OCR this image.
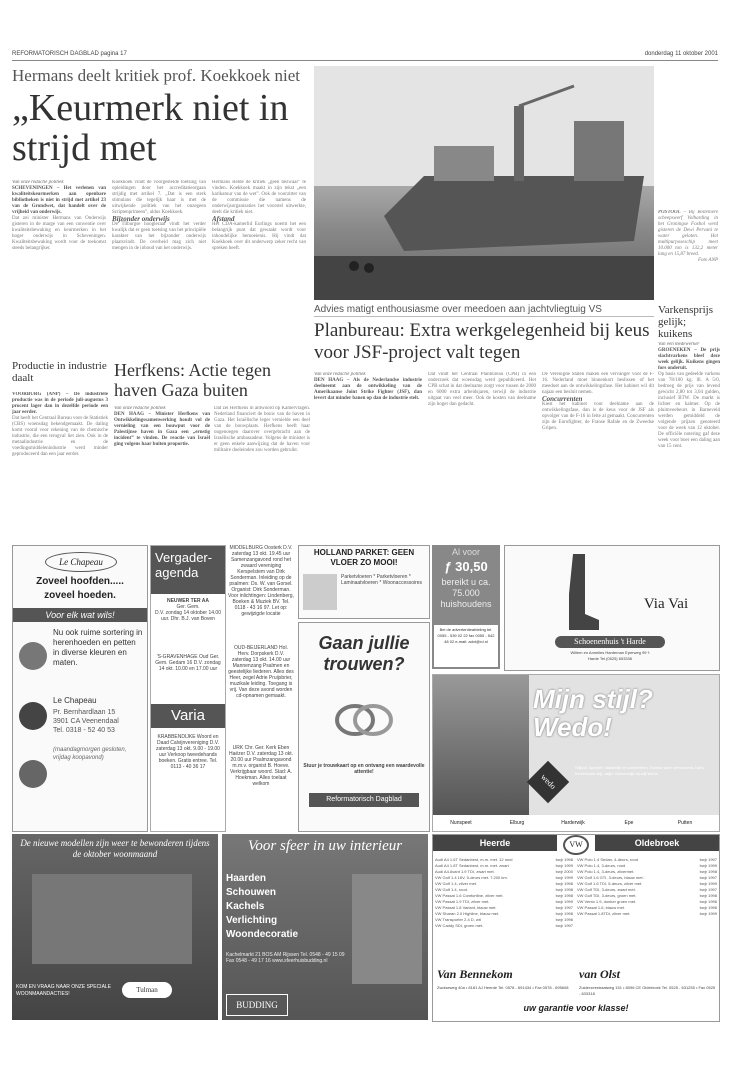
REFORMATORISCH DAGBLAD pagina 17	donderdag 11 oktober 2001
Hermans deelt kritiek prof. Koekkoek niet
„Keurmerk niet in
strijd met
Van onze redactie politiek
SCHEVENINGEN – Het verlenen van kwaliteitskeurmerken aan openbare bibliotheken is niet in strijd met artikel 23 van de Grondwet, dat handelt over de vrijheid van onderwijs.
Dat zei minister Hermans van Onderwijs gisteren in de marge van een conventie over kwaliteitsbewaking en keurmerken in het hoger onderwijs in Scheveningen. Kwaliteitsbewaking wordt voor de toekomst steeds belangrijker.
Koekkoek vindt de voorgestelde toetsing van opleidingen door het accreditatieorgaan strijdig met artikel 7. „Dat is een sterk stimulans die tegelijk haar is met de uitwijkende politiek van het onzegeen Scriptenprimeen”, aldus Koekkoek.
Bijzonder onderwijs
De Tilburgse hoogleraar vindt het verder kwalijk dat er geen toetsing van het principiële karakter van het bijzonder onderwijs plaatsvindt. De overheid mag zich niet mengen in de inhoud van het onderwijs.
Hermans stelde de kritiek „geen bezwaar” te vinden. Koekkoek maakt in zijn tekst „een karikatuur van de wet”. Ook de voorzitter van de commissie die namens de onderwijsorganisaties het voorstel uitwerkte, deelt die kritiek niet.
Afstand
Het CDA-kamerlid Eurlings noemt het een belangrijk punt dat gewaakt wordt voor inhoudelijke bemoeienis. Hij vindt dat Koekkoek over dit onderwerp zeker recht van spreken heeft.
POSTOOL – Bij Boiteniere scheepswerf Volharding in het Groningse Foxhol werd gisteren de Dewi Pervani te water gelaten. Het multipurposeschip meet 10.000 ton is 132,2 meter lang en 15,87 breed.
Foto ANP
Productie in industrie daalt
VOORBURG (ANP) – De industriële productie was in de periode juli-augustus 3 procent lager dan in dezelfde periode een jaar eerder.
Dat heeft het Centraal Bureau voor de Statistiek (CBS) woensdag bekendgemaakt. De daling komt vooral voor rekening van de chemische industrie, die een terugval liet zien. Ook in de metaalindustrie en de voedingsmiddelenindustrie werd minder geproduceerd dan een jaar eerder.
Herfkens: Actie tegen haven Gaza buiten
Van onze redactie politiek
DEN HAAG – Minister Herfkens van Ontwikkelingssamenwerking houdt vol de vernieling van een bouwput voor de Palestijnse haven in Gaza een „ernstig incident” te vinden. De reactie van Israël ging volgens haar buiten proportie.
Dat zei Herfkens in antwoord op Kamervragen. Nederland financiert de bouw van de haven in Gaza. Het Israëlische leger vernielde een deel van de bouwplaats. Herfkens heeft haar ongenoegen daarover overgebracht aan de Israëlische ambassadeur. Volgens de minister is er geen enkele aanwijzing dat de haven voor militaire doeleinden zou worden gebruikt.
Advies matigt enthousiasme over meedoen aan jachtvliegtuig VS
Planbureau: Extra werkgelegenheid bij keus voor JSF-project valt tegen
Van onze redactie politiek
DEN HAAG – Als de Nederlandse industrie deelneemt aan de ontwikkeling van de Amerikaanse Joint Strike Fighter (JSF), dan levert dat minder banen op dan de industrie stelt.
Dat vindt het Centraal Planbureau (CPB) in een onderzoek dat woensdag werd gepubliceerd. Het CPB schat in dat deelname zorgt voor tussen de 2000 en 6000 extra arbeidsjaren, terwijl de industrie uitgaat van veel meer. Ook de kosten van deelname zijn hoger dan gedacht.
De Verenigde Staten maken een vervanger voor de F-16. Nederland moet binnenkort beslissen of het meedoet aan de ontwikkelingsfase. Het kabinet wil dit najaar een besluit nemen.
Concurrenten
Kiest het kabinet voor deelname aan de ontwikkelingsfase, dan is de keus voor de JSF als opvolger van de F-16 in feite al gemaakt. Concurrenten zijn de Eurofighter, de Franse Rafale en de Zweedse Gripen.
Varkensprijs gelijk; kuikens
Van een medewerker
GROENEKEN – De prijs slachtvarkens bleef deze week gelijk. Kuikens gingen fors onderuit.
Op basis van gedeelde varkens van 78/100 kg. lll. A 5/0, bedroeg de prijs van levend gewicht 2,80 tot 3,04 gulden, inclusief BTW. De markt is lichter en kalmer. Op de pluimveebeurs in Barneveld werden gemiddeld de volgende prijzen genoteerd voor de week van 12 oktober. De officiële notering gaf deze week voor boer een daling aan van 15 cent.
Le Chapeau
Zoveel hoofden.....
zoveel hoeden.
Voor elk wat wils!
Nu ook ruime sortering in herenhoeden en petten in diverse kleuren en maten.
Le Chapeau
Pr. Bernhardlaan 15
3901 CA Veenendaal
Tel. 0318 - 52 40 53
(maandagmorgen gesloten, vrijdag koopavond)
Vergader-agenda
NEUWER TER AA
Ger. Gem.
D.V. zondag 14 oktober 14.00 uur. Dhr. B.J. van Boven
'S-GRAVENHAGE Oud Ger. Gem. Gedam 16 D.V. zondag 14 okt. 10.00 en 17.00 uur
Varia
KRABBENDIJKE Woord en Daad Calvijnvereniging D.V. zaterdag 13 okt. 9.00 - 19.00 uur Verkoop tweedehands boeken. Gratis entree. Tel. 0113 - 40 36 17
MIDDELBURG Oosterk D.V. zaterdag 13 okt. 19.45 uur Samenzangavond rond het zwaard vereniging Kerspelstem van Dirk Sonderman. Inleiding op de psalmen: Ds. W. van Gorsel. Organist: Dirk Sonderman. Voor inlichtingen: Lindenberg, Boeken & Muziek BV. Tel. 0118 - 43 16 97. Let op: gewijzigde locatie
OUD-BEIJERLAND Hol. Herv. Dorpskerk D.V. zaterdag 13 okt. 14.00 uur Mannenzang Psalmen en geestelijke liederen. Alles des Heer, zegel Adrie Pruijsbrier, muzikale leiding. Toegang is vrij. Van deze avond worden cd-opnamen gemaakt.
URK Chr. Ger. Kerk Eben Haëzer D.V. zaterdag 13 okt. 20.00 uur Psalmzangavond m.m.v. organist B. Hoeve. Verkrijgbaar woord. Stad: A. Hoekman. Alles toelaat welkom
HOLLAND PARKET: GEEN VLOER ZO MOOI!
Parketvloeren * Parketvloeren * Laminaatvloeren * Woonaccessoires
Gaan jullie trouwen?
Stuur je trouwkaart op en ontvang een waardevolle attentie!
Reformatorisch Dagblad
Al voor
ƒ 30,50
bereikt u ca. 75.000 huishoudens
Bel de advertentieafdeling tel. 0055 - 539 02 22 fax 0055 - 542 48 02 e-mail: advt@rd.nl
Via Vai
Schoenenhuis 't Harde
Willem en Annelies Hardeman Eperweg 99 't Harde Tel.(0525) 653336
Mijn stijl? Wedo!
wedo
Stijlvol. Sportief. Makkelijk te combineren. Steeds weer verrassend. Dat's herkenbaar stijl, altijd. Gewoonlijk bij stijl Wedo.
Nunspeet	Elburg	Harderwijk	Epe	Putten
De nieuwe modellen zijn weer te bewonderen tijdens de oktober woonmaand
KOM EN VRAAG NAAR ONZE SPECIALE WOONMAANDACTIES!	Tulman
Voor sfeer in uw interieur
Haarden
Schouwen
Kachels
Verlichting
Woondecoratie
Kachelmarkt 21 BOS AM Rijssen Tel. 0548 - 49 15 09 Fax 0548 - 49 17 16 www.sfeerhuisbudding.nl
BUDDING
Heerde	VW	Oldebroek
Audi A4 1.6T Sedanbest, m.m. met. 12 mnd	bwjr 1998
Audi A4 1.8T Sedanbest, m.m. met. zwart	bwjr 1999
Audi A4 Avant 1.9 TDI, zwart met.	bwjr 2000
VW Golf 1.4 16V, 5-deurs met. 7.200 km.	bwjr 1999
VW Golf 1.4, zilver met.	bwjr 1998
VW Golf 1.4, rood.	bwjr 1998
VW Passat 1.6 Comfortline, zilver met.	bwjr 1998
VW Passat 1.9 TDI, zilver met.	bwjr 1999
VW Passat 1.8 Variant, blauw met.	bwjr 1997
VW Sharan 2.0 Highline, blauw met.	bwjr 1998
VW Transporter 2.4 D, wit	bwjr 1996
VW Caddy SDI, groen met.	bwjr 1997
VW Polo 1.4 Sedan, 4-deurs, rood	bwjr 1997
VW Polo 1.4, 3-deurs, rood	bwjr 1999
VW Polo 1.4, 3-deurs, zilvermet.	bwjr 1998
VW Golf 1.6 GTI, 3-deurs, blauw met.	bwjr 1997
VW Golf 1.6 TDI, 5-deurs, zilver met.	bwjr 1999
VW Golf TDI, 3-deurs, zwart met.	bwjr 1997
VW Golf TDI, 3-deurs, groen met.	bwjr 1998
VW Vento 1.9, donker groen met.	bwjr 1996
VW Passat 1.6, blauw met.	bwjr 1996
VW Passat 1.8TDI, zilver met.	bwjr 1999
Van Bennekom
Zwolseweg 40a • 8181 AJ Heerde Tel. 0578 - 691434 • Fax 0578 - 695608
van Olst
Zuiderzeestraatweg 151 • 8096 CE Oldebroek Tel. 0525 - 631255 • Fax 0525 - 633318
uw garantie voor klasse!
